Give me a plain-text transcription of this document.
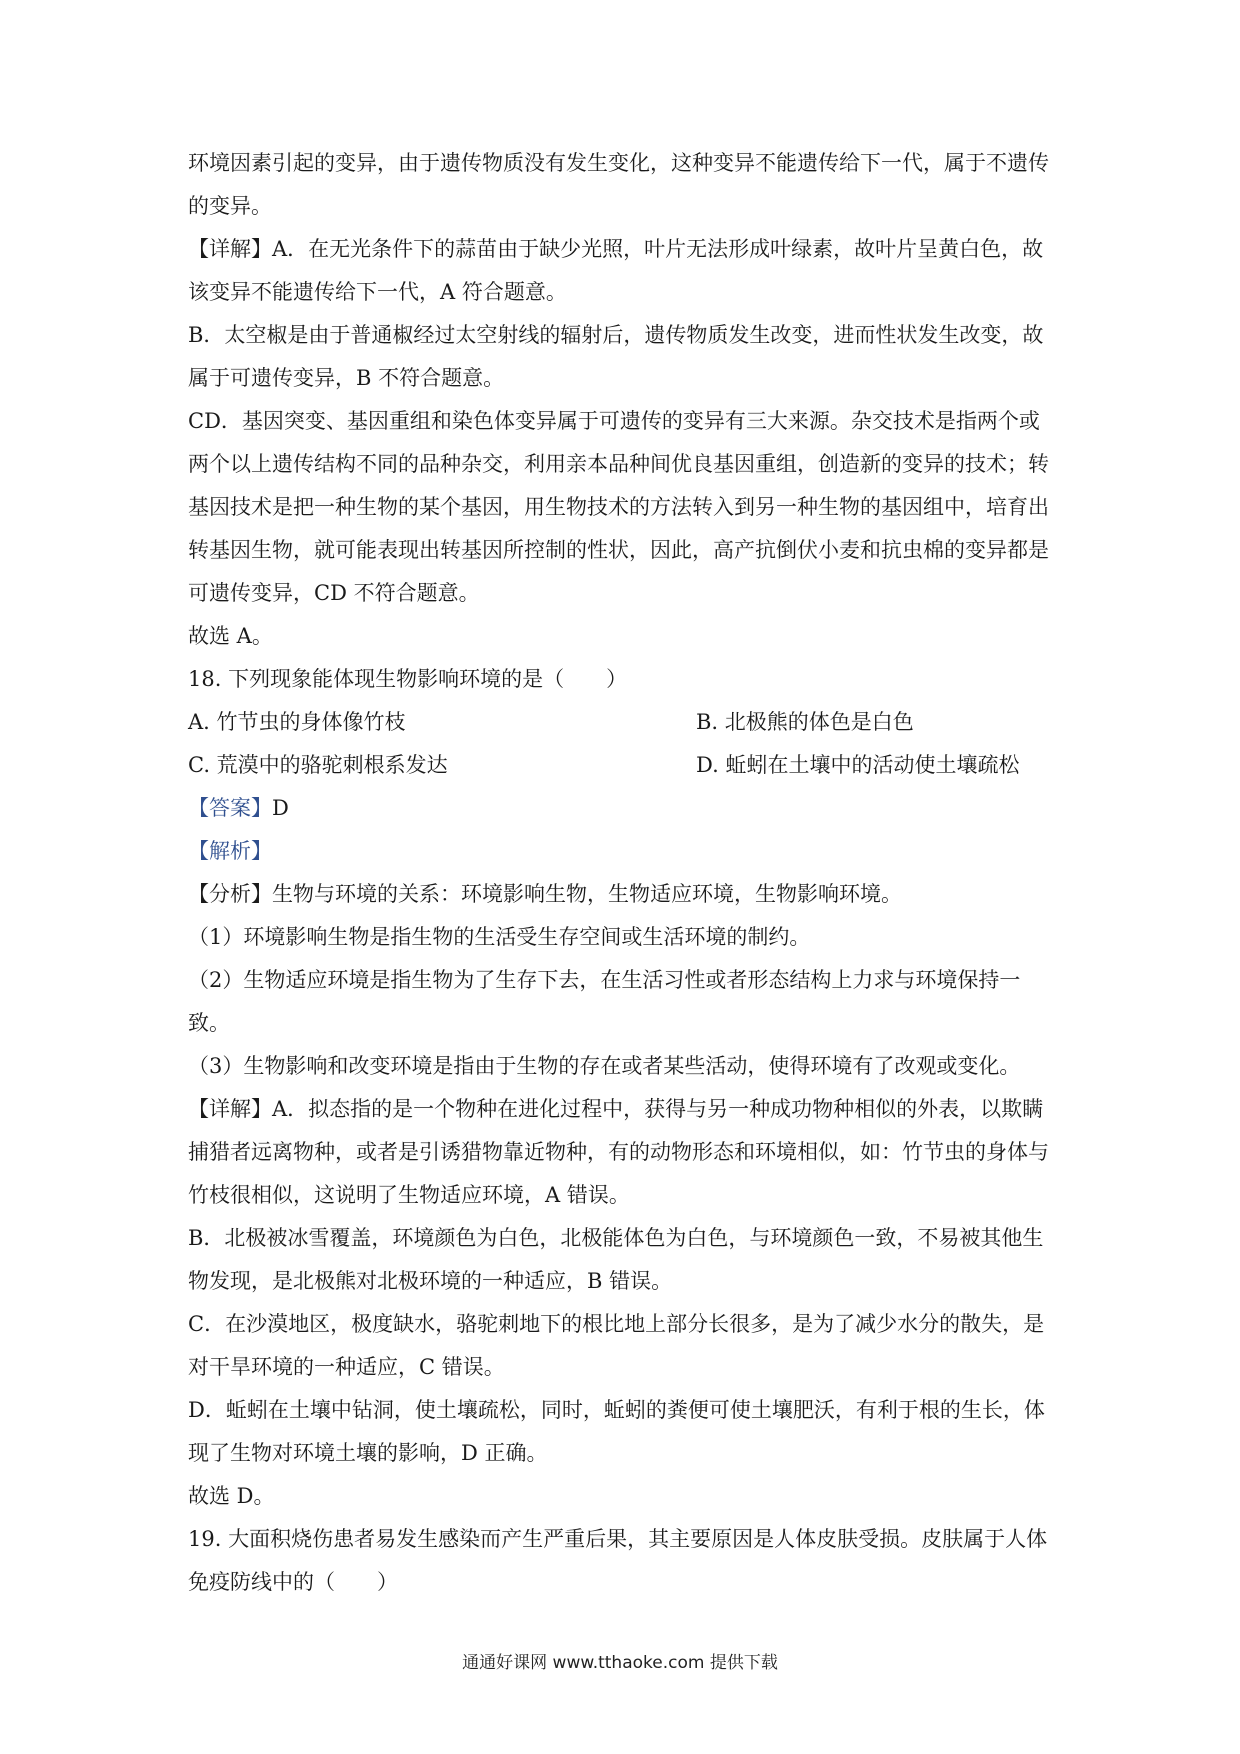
环境因素引起的变异，由于遗传物质没有发生变化，这种变异不能遗传给下一代，属于不遗传的变异。

【详解】A．在无光条件下的蒜苗由于缺少光照，叶片无法形成叶绿素，故叶片呈黄白色，故该变异不能遗传给下一代，A 符合题意。

B．太空椒是由于普通椒经过太空射线的辐射后，遗传物质发生改变，进而性状发生改变，故属于可遗传变异，B 不符合题意。

CD．基因突变、基因重组和染色体变异属于可遗传的变异有三大来源。杂交技术是指两个或两个以上遗传结构不同的品种杂交，利用亲本品种间优良基因重组，创造新的变异的技术；转基因技术是把一种生物的某个基因，用生物技术的方法转入到另一种生物的基因组中，培育出转基因生物，就可能表现出转基因所控制的性状，因此，高产抗倒伏小麦和抗虫棉的变异都是可遗传变异，CD 不符合题意。

故选 A。

18. 下列现象能体现生物影响环境的是（　　）

A. 竹节虫的身体像竹枝	B. 北极熊的体色是白色
C. 荒漠中的骆驼刺根系发达	D. 蚯蚓在土壤中的活动使土壤疏松

【答案】D

【解析】

【分析】生物与环境的关系：环境影响生物，生物适应环境，生物影响环境。

（1）环境影响生物是指生物的生活受生存空间或生活环境的制约。

（2）生物适应环境是指生物为了生存下去，在生活习性或者形态结构上力求与环境保持一致。

（3）生物影响和改变环境是指由于生物的存在或者某些活动，使得环境有了改观或变化。

【详解】A．拟态指的是一个物种在进化过程中，获得与另一种成功物种相似的外表，以欺瞒捕猎者远离物种，或者是引诱猎物靠近物种，有的动物形态和环境相似，如：竹节虫的身体与竹枝很相似，这说明了生物适应环境，A 错误。

B．北极被冰雪覆盖，环境颜色为白色，北极能体色为白色，与环境颜色一致，不易被其他生物发现，是北极熊对北极环境的一种适应，B 错误。

C．在沙漠地区，极度缺水，骆驼刺地下的根比地上部分长很多，是为了减少水分的散失，是对干旱环境的一种适应，C 错误。

D．蚯蚓在土壤中钻洞，使土壤疏松，同时，蚯蚓的粪便可使土壤肥沃，有利于根的生长，体现了生物对环境土壤的影响，D 正确。

故选 D。

19. 大面积烧伤患者易发生感染而产生严重后果，其主要原因是人体皮肤受损。皮肤属于人体免疫防线中的（　　）

通通好课网 www.tthaoke.com 提供下载
